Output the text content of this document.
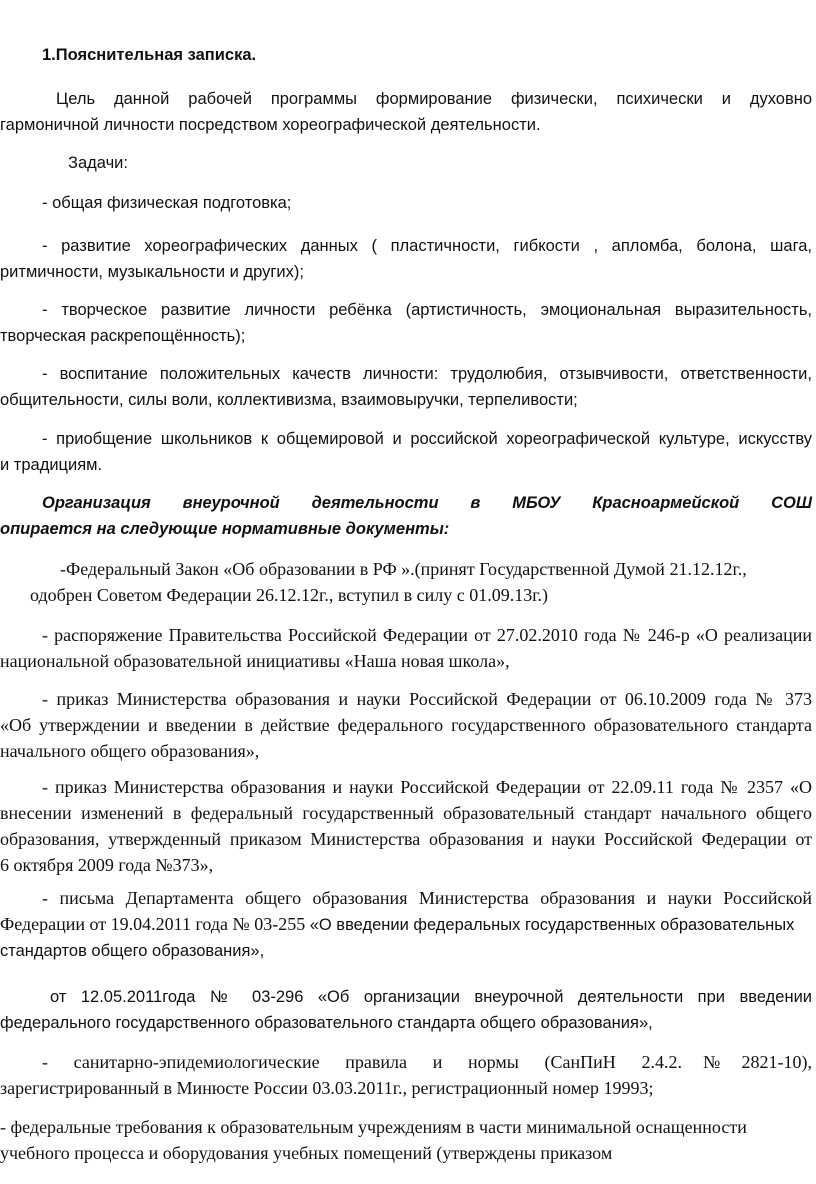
1.Пояснительная записка.
Цель данной рабочей программы формирование физически, психически и духовно
гармоничной личности посредством хореографической деятельности.
Задачи:
- общая физическая подготовка;
- развитие хореографических данных ( пластичности, гибкости , апломба, болона, шага,
ритмичности, музыкальности и других);
- творческое развитие личности ребёнка (артистичность, эмоциональная выразительность,
творческая раскрепощённость);
- воспитание положительных качеств личности: трудолюбия, отзывчивости, ответственности,
общительности, силы воли, коллективизма, взаимовыручки, терпеливости;
- приобщение школьников к общемировой и российской хореографической культуре, искусству
и традициям.
Организация внеурочной деятельности в МБОУ Красноармейской СОШ
опирается на следующие нормативные документы:
-Федеральный Закон «Об образовании в РФ ».(принят Государственной Думой 21.12.12г.,
одобрен Советом Федерации 26.12.12г., вступил в силу с 01.09.13г.)
- распоряжение Правительства Российской Федерации от 27.02.2010 года № 246-р «О реализации
национальной образовательной инициативы «Наша новая школа»,
- приказ Министерства образования и науки Российской Федерации от 06.10.2009 года № 373
«Об утверждении и введении в действие федерального государственного образовательного стандарта
начального общего образования»,
- приказ Министерства образования и науки Российской Федерации от 22.09.11 года № 2357 «О
внесении изменений в федеральный государственный образовательный стандарт начального общего
образования, утвержденный приказом Министерства образования и науки Российской Федерации от
6 октября 2009 года №373»,
- письма Департамента общего образования Министерства образования и науки Российской
Федерации от 19.04.2011 года № 03-255 «О введении федеральных государственных образовательных
стандартов общего образования»,
от 12.05.2011года № 03-296 «Об организации внеурочной деятельности при введении
федерального государственного образовательного стандарта общего образования»,
- санитарно-эпидемиологические правила и нормы (СанПиН 2.4.2.№2821-10),
зарегистрированный в Минюсте России 03.03.2011г., регистрационный номер 19993;
- федеральные требования к образовательным учреждениям в части минимальной оснащенности
учебного процесса и оборудования учебных помещений (утверждены приказом
